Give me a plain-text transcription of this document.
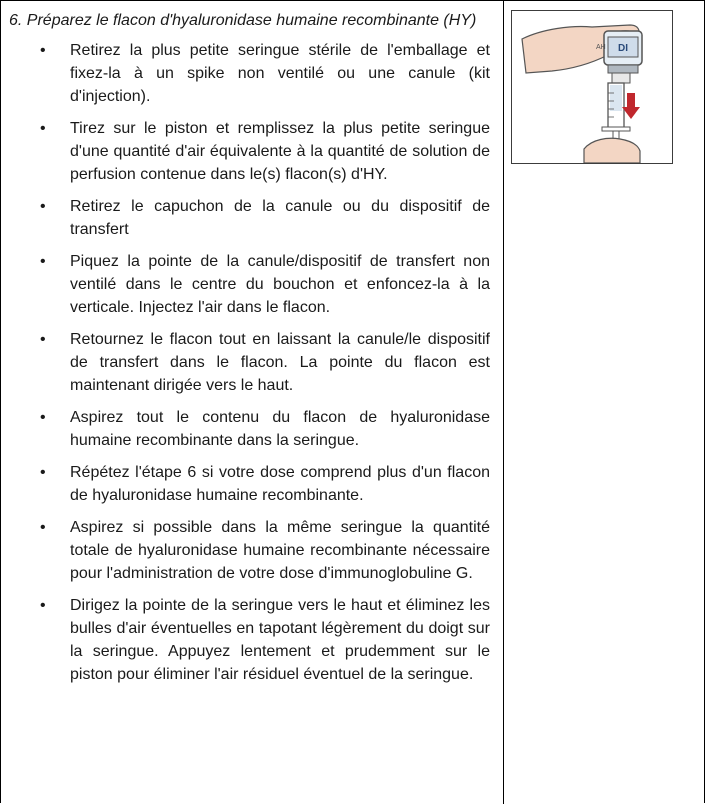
6. Préparez le flacon d'hyaluronidase humaine recombinante (HY)

• Retirez la plus petite seringue stérile de l'emballage et fixez-la à un spike non ventilé ou une canule (kit d'injection).
• Tirez sur le piston et remplissez la plus petite seringue d'une quantité d'air équivalente à la quantité de solution de perfusion contenue dans le(s) flacon(s) d'HY.
• Retirez le capuchon de la canule ou du dispositif de transfert
• Piquez la pointe de la canule/dispositif de transfert non ventilé dans le centre du bouchon et enfoncez-la à la verticale. Injectez l'air dans le flacon.
• Retournez le flacon tout en laissant la canule/le dispositif de transfert dans le flacon. La pointe du flacon est maintenant dirigée vers le haut.
• Aspirez tout le contenu du flacon de hyaluronidase humaine recombinante dans la seringue.
• Répétez l'étape 6 si votre dose comprend plus d'un flacon de hyaluronidase humaine recombinante.
• Aspirez si possible dans la même seringue la quantité totale de hyaluronidase humaine recombinante nécessaire pour l'administration de votre dose d'immunoglobuline G.
• Dirigez la pointe de la seringue vers le haut et éliminez les bulles d'air éventuelles en tapotant légèrement du doigt sur la seringue. Appuyez lentement et prudemment sur le piston pour éliminer l'air résiduel éventuel de la seringue.
DI
AH
